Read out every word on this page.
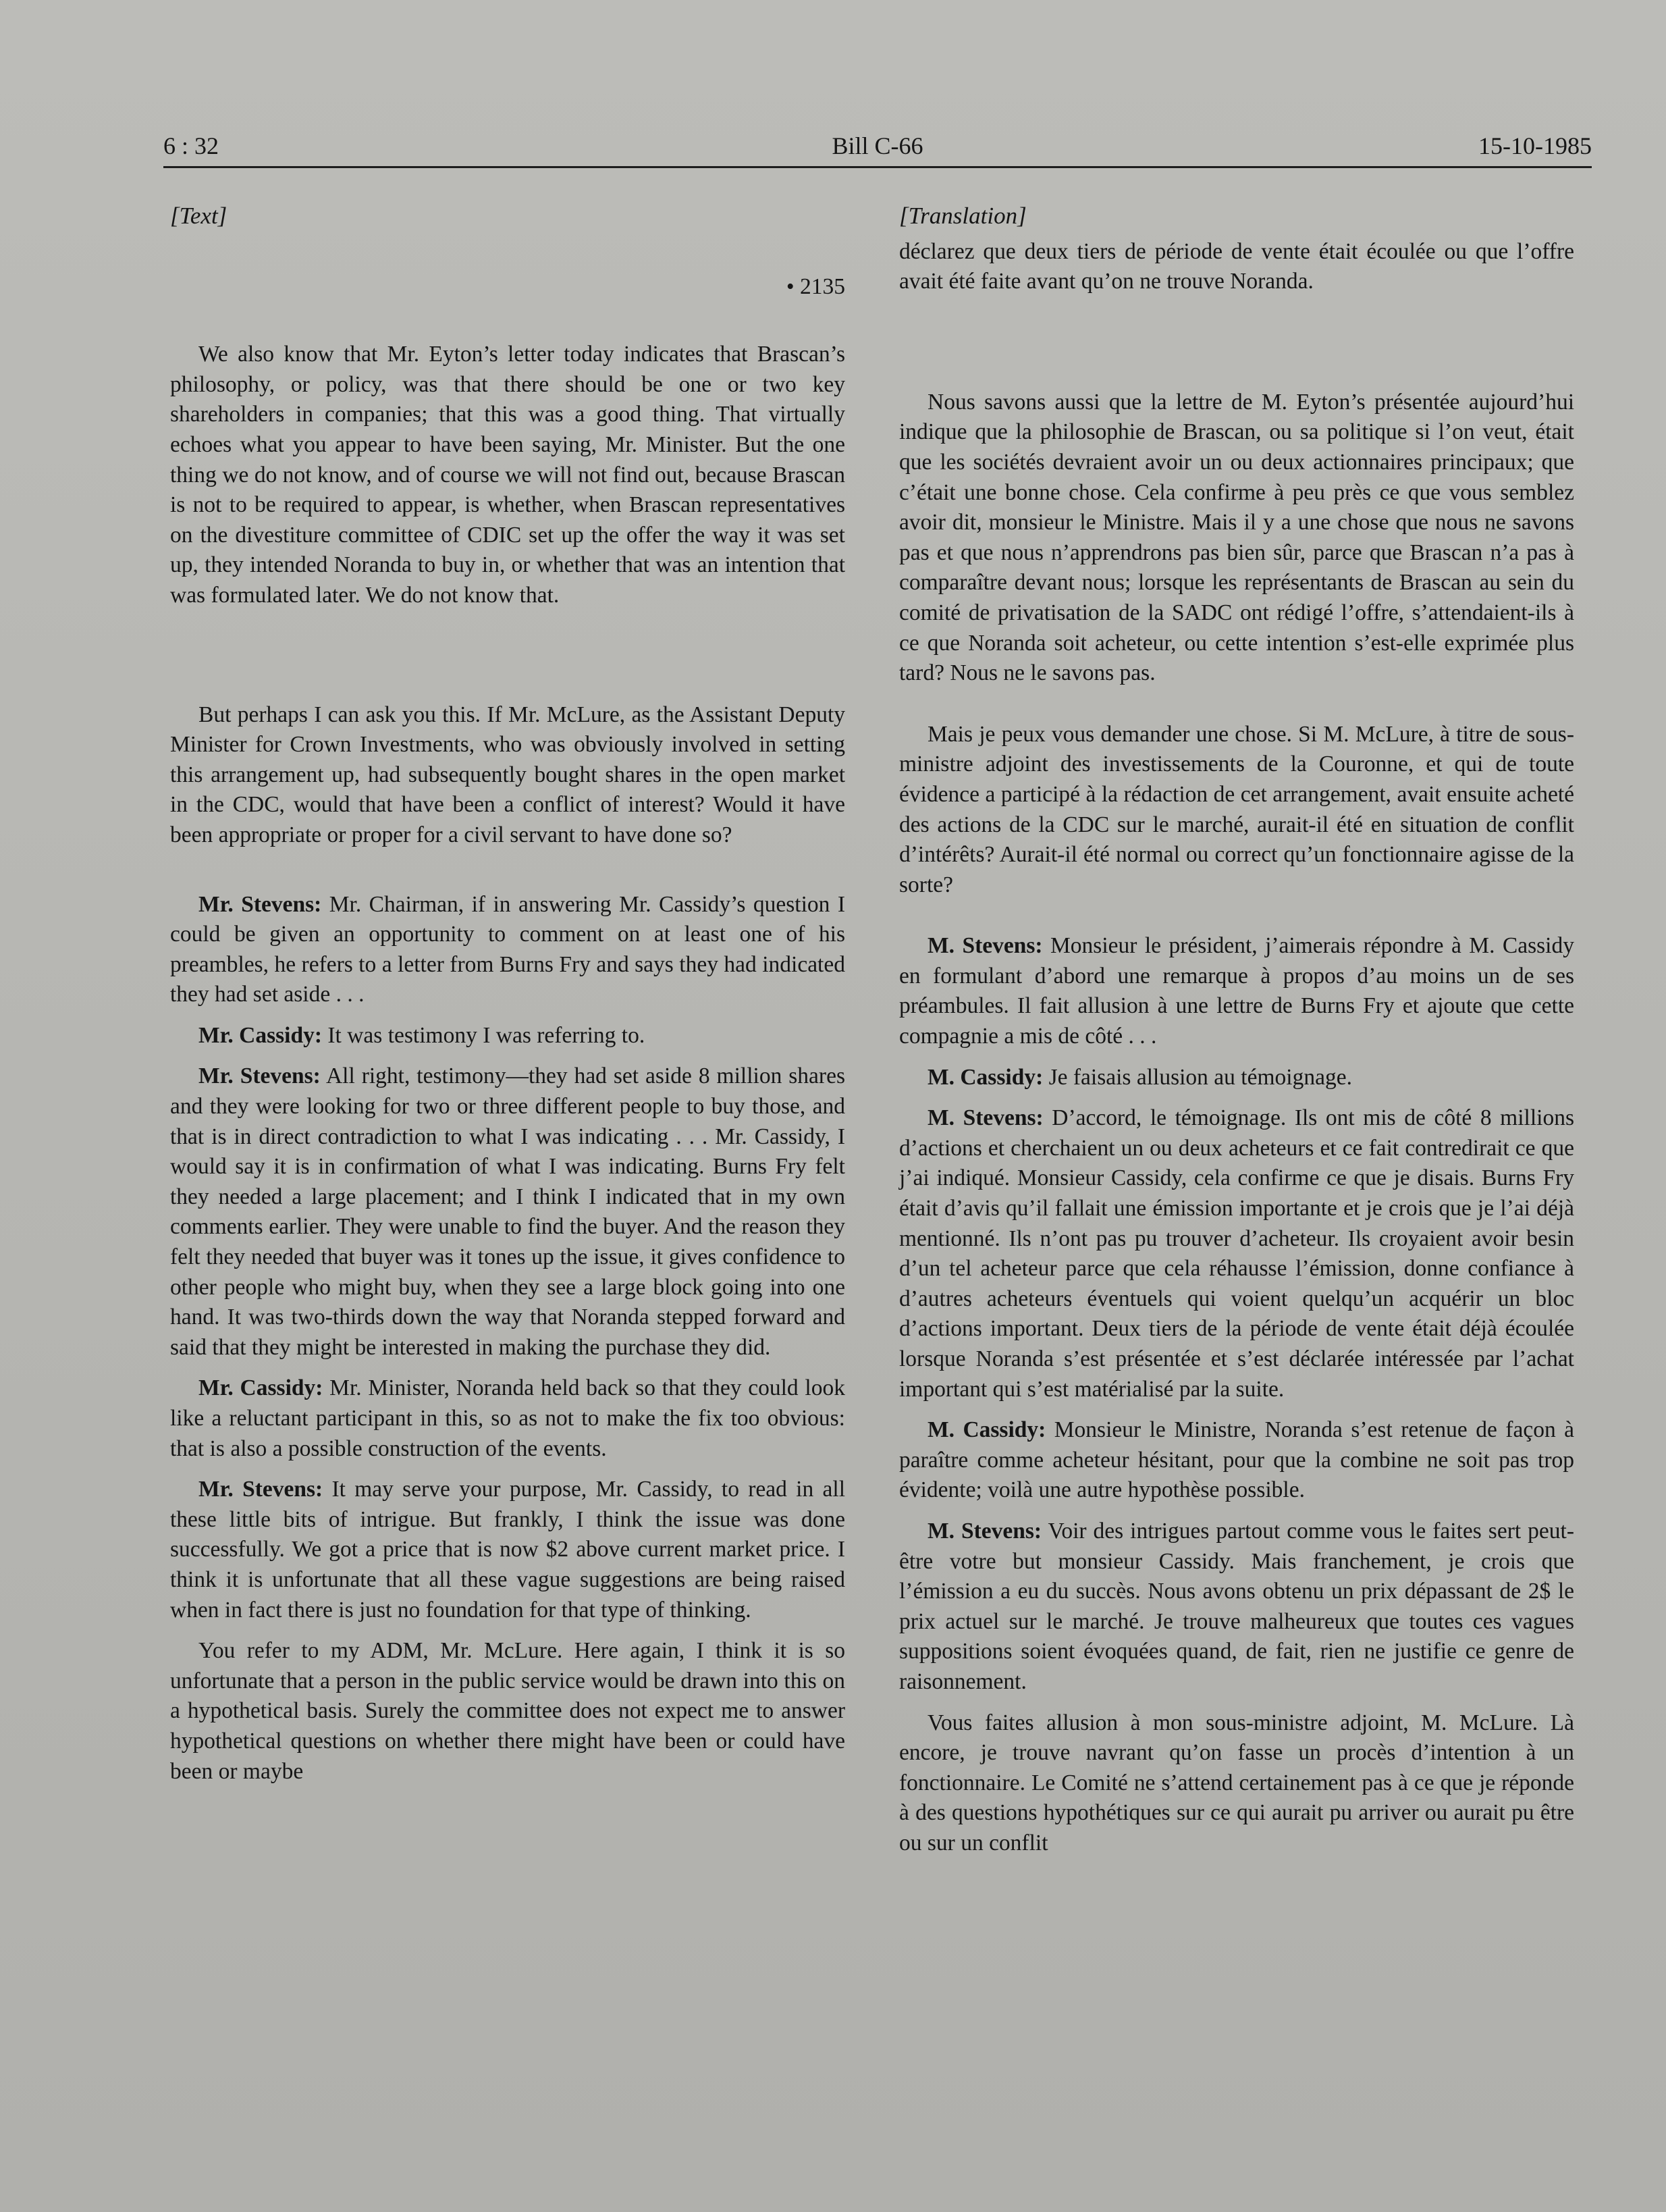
6 : 32	Bill C-66	15-10-1985

[Text]

• 2135

We also know that Mr. Eyton’s letter today indicates that Brascan’s philosophy, or policy, was that there should be one or two key shareholders in companies; that this was a good thing. That virtually echoes what you appear to have been saying, Mr. Minister. But the one thing we do not know, and of course we will not find out, because Brascan is not to be required to appear, is whether, when Brascan representatives on the divestiture committee of CDIC set up the offer the way it was set up, they intended Noranda to buy in, or whether that was an intention that was formulated later. We do not know that.

But perhaps I can ask you this. If Mr. McLure, as the Assistant Deputy Minister for Crown Investments, who was obviously involved in setting this arrangement up, had subsequently bought shares in the open market in the CDC, would that have been a conflict of interest? Would it have been appropriate or proper for a civil servant to have done so?

Mr. Stevens: Mr. Chairman, if in answering Mr. Cassidy’s question I could be given an opportunity to comment on at least one of his preambles, he refers to a letter from Burns Fry and says they had indicated they had set aside . . .

Mr. Cassidy: It was testimony I was referring to.

Mr. Stevens: All right, testimony—they had set aside 8 million shares and they were looking for two or three different people to buy those, and that is in direct contradiction to what I was indicating . . . Mr. Cassidy, I would say it is in confirmation of what I was indicating. Burns Fry felt they needed a large placement; and I think I indicated that in my own comments earlier. They were unable to find the buyer. And the reason they felt they needed that buyer was it tones up the issue, it gives confidence to other people who might buy, when they see a large block going into one hand. It was two-thirds down the way that Noranda stepped forward and said that they might be interested in making the purchase they did.

Mr. Cassidy: Mr. Minister, Noranda held back so that they could look like a reluctant participant in this, so as not to make the fix too obvious: that is also a possible construction of the events.

Mr. Stevens: It may serve your purpose, Mr. Cassidy, to read in all these little bits of intrigue. But frankly, I think the issue was done successfully. We got a price that is now $2 above current market price. I think it is unfortunate that all these vague suggestions are being raised when in fact there is just no foundation for that type of thinking.

You refer to my ADM, Mr. McLure. Here again, I think it is so unfortunate that a person in the public service would be drawn into this on a hypothetical basis. Surely the committee does not expect me to answer hypothetical questions on whether there might have been or could have been or maybe

[Translation]

déclarez que deux tiers de période de vente était écoulée ou que l’offre avait été faite avant qu’on ne trouve Noranda.

Nous savons aussi que la lettre de M. Eyton’s présentée aujourd’hui indique que la philosophie de Brascan, ou sa politique si l’on veut, était que les sociétés devraient avoir un ou deux actionnaires principaux; que c’était une bonne chose. Cela confirme à peu près ce que vous semblez avoir dit, monsieur le Ministre. Mais il y a une chose que nous ne savons pas et que nous n’apprendrons pas bien sûr, parce que Brascan n’a pas à comparaître devant nous; lorsque les représentants de Brascan au sein du comité de privatisation de la SADC ont rédigé l’offre, s’attendaient-ils à ce que Noranda soit acheteur, ou cette intention s’est-elle exprimée plus tard? Nous ne le savons pas.

Mais je peux vous demander une chose. Si M. McLure, à titre de sous-ministre adjoint des investissements de la Couronne, et qui de toute évidence a participé à la rédaction de cet arrangement, avait ensuite acheté des actions de la CDC sur le marché, aurait-il été en situation de conflit d’intérêts? Aurait-il été normal ou correct qu’un fonctionnaire agisse de la sorte?

M. Stevens: Monsieur le président, j’aimerais répondre à M. Cassidy en formulant d’abord une remarque à propos d’au moins un de ses préambules. Il fait allusion à une lettre de Burns Fry et ajoute que cette compagnie a mis de côté . . .

M. Cassidy: Je faisais allusion au témoignage.

M. Stevens: D’accord, le témoignage. Ils ont mis de côté 8 millions d’actions et cherchaient un ou deux acheteurs et ce fait contredirait ce que j’ai indiqué. Monsieur Cassidy, cela confirme ce que je disais. Burns Fry était d’avis qu’il fallait une émission importante et je crois que je l’ai déjà mentionné. Ils n’ont pas pu trouver d’acheteur. Ils croyaient avoir besin d’un tel acheteur parce que cela réhausse l’émission, donne confiance à d’autres acheteurs éventuels qui voient quelqu’un acquérir un bloc d’actions important. Deux tiers de la période de vente était déjà écoulée lorsque Noranda s’est présentée et s’est déclarée intéressée par l’achat important qui s’est matérialisé par la suite.

M. Cassidy: Monsieur le Ministre, Noranda s’est retenue de façon à paraître comme acheteur hésitant, pour que la combine ne soit pas trop évidente; voilà une autre hypothèse possible.

M. Stevens: Voir des intrigues partout comme vous le faites sert peut-être votre but monsieur Cassidy. Mais franchement, je crois que l’émission a eu du succès. Nous avons obtenu un prix dépassant de 2$ le prix actuel sur le marché. Je trouve malheureux que toutes ces vagues suppositions soient évoquées quand, de fait, rien ne justifie ce genre de raisonnement.

Vous faites allusion à mon sous-ministre adjoint, M. McLure. Là encore, je trouve navrant qu’on fasse un procès d’intention à un fonctionnaire. Le Comité ne s’attend certainement pas à ce que je réponde à des questions hypothétiques sur ce qui aurait pu arriver ou aurait pu être ou sur un conflit
